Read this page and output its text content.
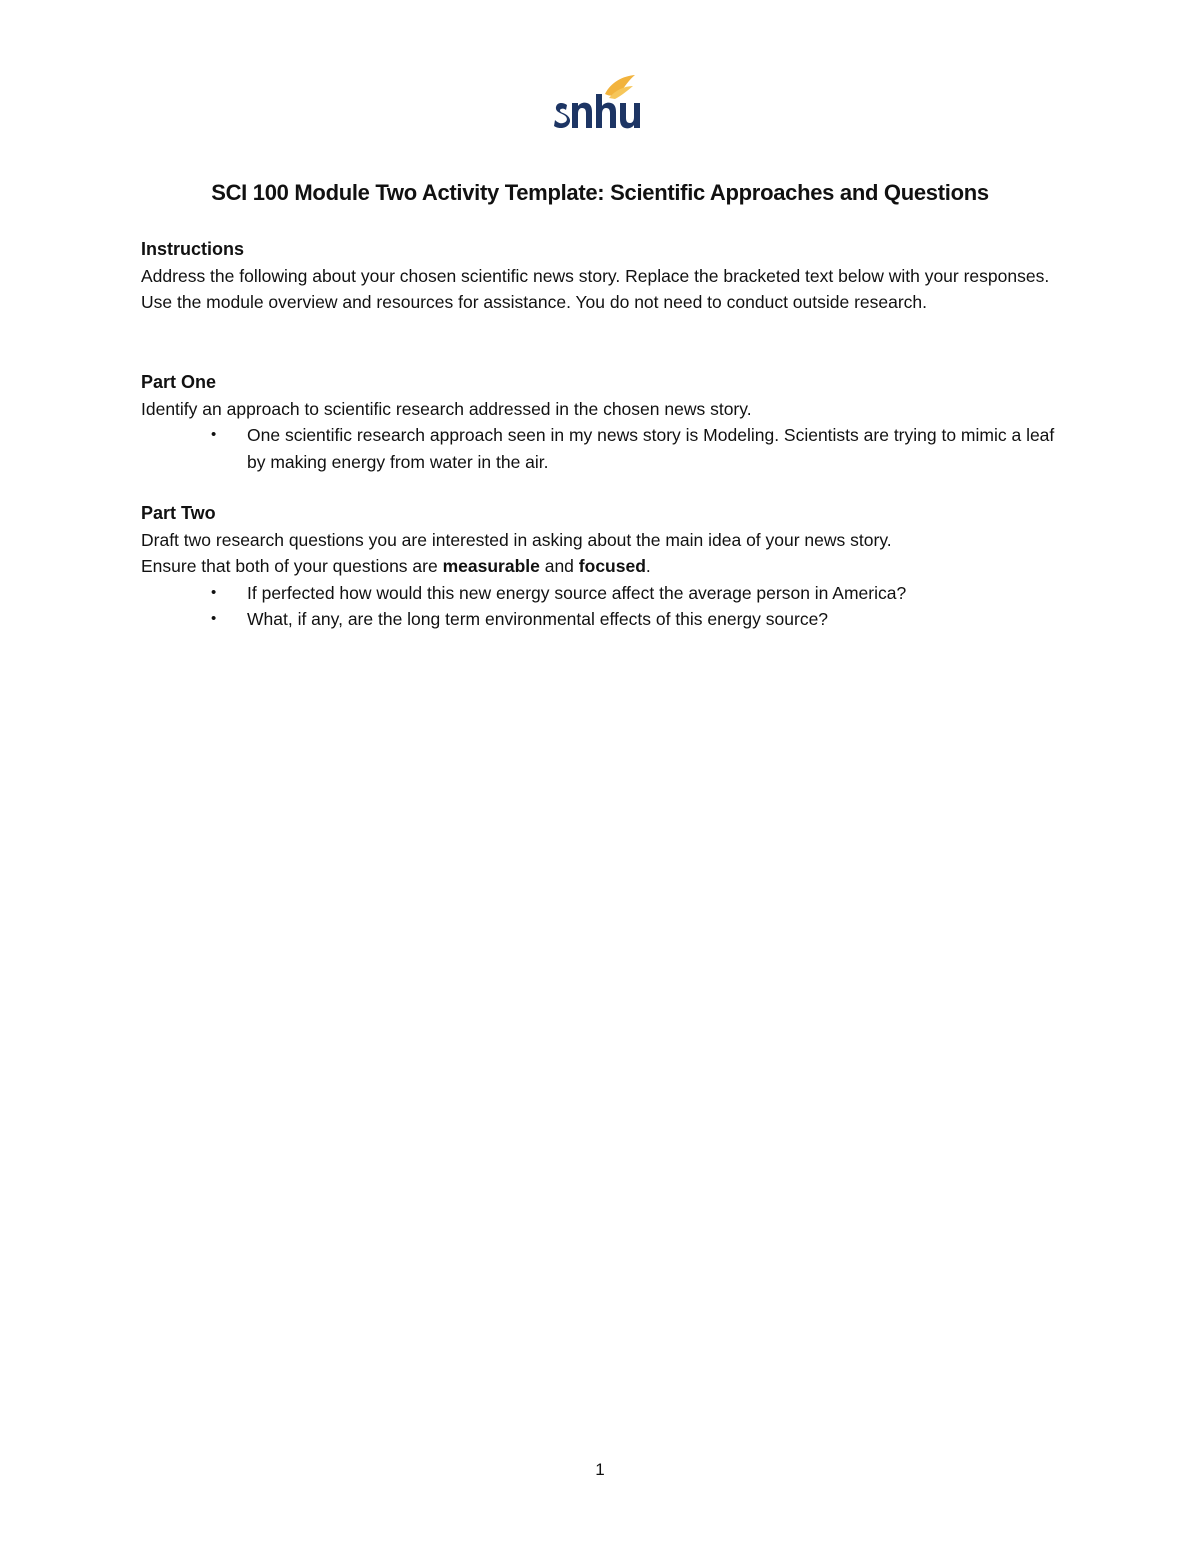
SCI 100 Module Two Activity Template: Scientific Approaches and Questions

Instructions

Address the following about your chosen scientific news story. Replace the bracketed text below with your responses. Use the module overview and resources for assistance. You do not need to conduct outside research.

Part One

Identify an approach to scientific research addressed in the chosen news story.

• One scientific research approach seen in my news story is Modeling. Scientists are trying to mimic a leaf by making energy from water in the air.

Part Two

Draft two research questions you are interested in asking about the main idea of your news story.

Ensure that both of your questions are measurable and focused.

• If perfected how would this new energy source affect the average person in America?
• What, if any, are the long term environmental effects of this energy source?
1
